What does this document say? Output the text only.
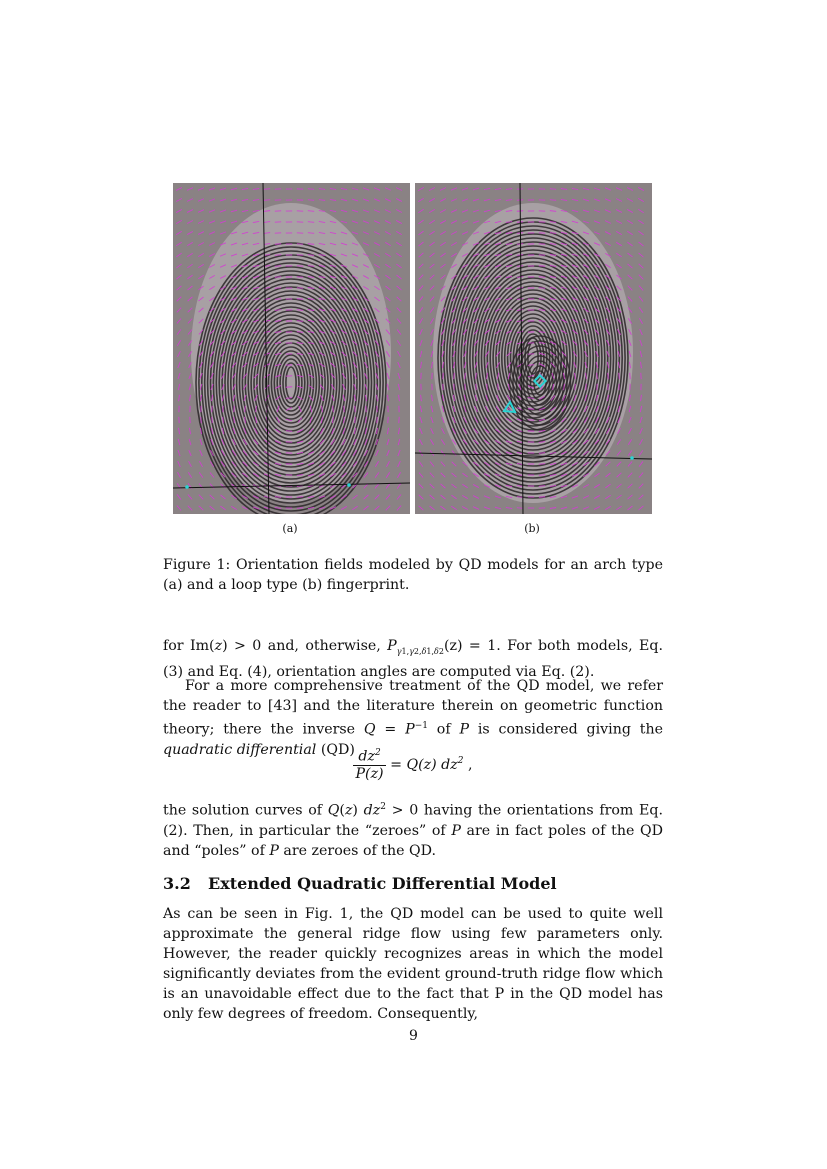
(a)	(b)
Figure 1: Orientation fields modeled by QD models for an arch type (a) and a loop type (b) fingerprint.
for Im(z) > 0 and, otherwise, $P_{\gamma 1,\gamma 2,\delta 1,\delta 2}(z) = 1$. For both models, Eq. (3) and Eq. (4), orientation angles are computed via Eq. (2).
For a more comprehensive treatment of the QD model, we refer the reader to [43] and the literature therein on geometric function theory; there the inverse $Q = P^{-1}$ of P is considered giving the quadratic differential (QD)
$\frac{dz^2}{P(z)} = Q(z)$ $dz^2$ ,
the solution curves of Q(z) $dz^2 > 0$ having the orientations from Eq. (2). Then, in particular the “zeroes” of P are in fact poles of the QD and “poles” of P are zeroes of the QD.
3.2 Extended Quadratic Differential Model
As can be seen in Fig. 1, the QD model can be used to quite well approximate the general ridge flow using few parameters only. However, the reader quickly recognizes areas in which the model significantly deviates from the evident ground-truth ridge flow which is an unavoidable effect due to the fact that P in the QD model has only few degrees of freedom. Consequently,
9
